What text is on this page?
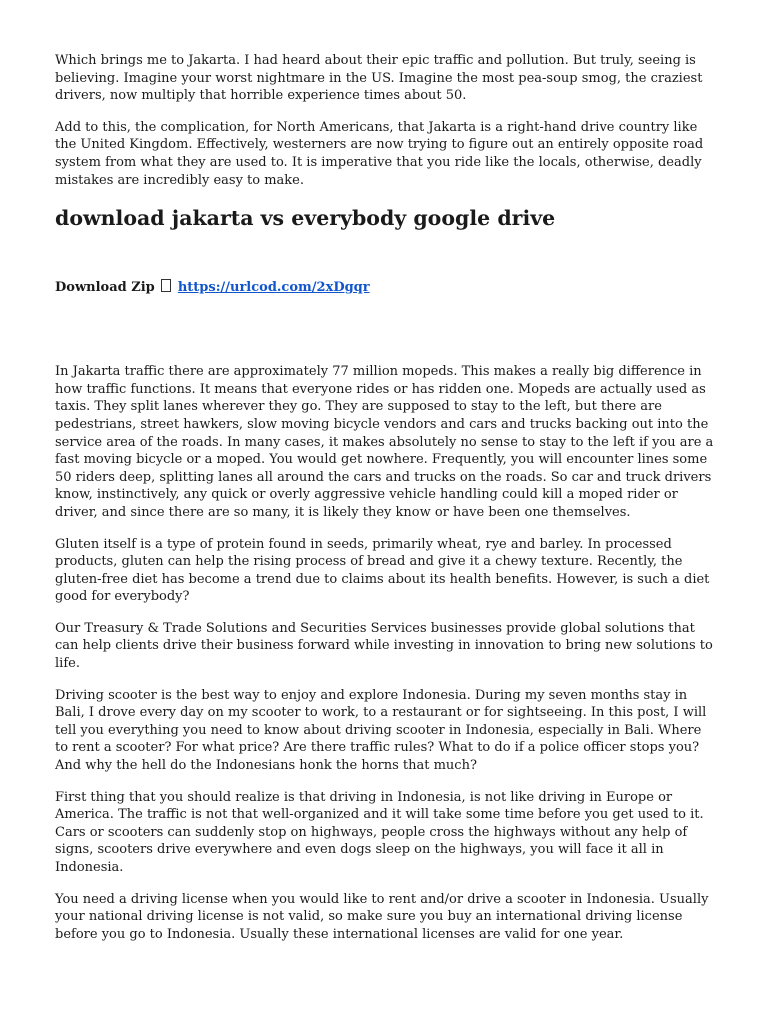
Which brings me to Jakarta. I had heard about their epic traffic and pollution. But truly, seeing is believing. Imagine your worst nightmare in the US. Imagine the most pea-soup smog, the craziest drivers, now multiply that horrible experience times about 50.

Add to this, the complication, for North Americans, that Jakarta is a right-hand drive country like the United Kingdom. Effectively, westerners are now trying to figure out an entirely opposite road system from what they are used to. It is imperative that you ride like the locals, otherwise, deadly mistakes are incredibly easy to make.

download jakarta vs everybody google drive
Download Zip https://urlcod.com/2xDgqr

In Jakarta traffic there are approximately 77 million mopeds. This makes a really big difference in how traffic functions. It means that everyone rides or has ridden one. Mopeds are actually used as taxis. They split lanes wherever they go. They are supposed to stay to the left, but there are pedestrians, street hawkers, slow moving bicycle vendors and cars and trucks backing out into the service area of the roads. In many cases, it makes absolutely no sense to stay to the left if you are a fast moving bicycle or a moped. You would get nowhere. Frequently, you will encounter lines some 50 riders deep, splitting lanes all around the cars and trucks on the roads. So car and truck drivers know, instinctively, any quick or overly aggressive vehicle handling could kill a moped rider or driver, and since there are so many, it is likely they know or have been one themselves.

Gluten itself is a type of protein found in seeds, primarily wheat, rye and barley. In processed products, gluten can help the rising process of bread and give it a chewy texture. Recently, the gluten-free diet has become a trend due to claims about its health benefits. However, is such a diet good for everybody?

Our Treasury & Trade Solutions and Securities Services businesses provide global solutions that can help clients drive their business forward while investing in innovation to bring new solutions to life.

Driving scooter is the best way to enjoy and explore Indonesia. During my seven months stay in Bali, I drove every day on my scooter to work, to a restaurant or for sightseeing. In this post, I will tell you everything you need to know about driving scooter in Indonesia, especially in Bali. Where to rent a scooter? For what price? Are there traffic rules? What to do if a police officer stops you? And why the hell do the Indonesians honk the horns that much?

First thing that you should realize is that driving in Indonesia, is not like driving in Europe or America. The traffic is not that well-organized and it will take some time before you get used to it. Cars or scooters can suddenly stop on highways, people cross the highways without any help of signs, scooters drive everywhere and even dogs sleep on the highways, you will face it all in Indonesia.

You need a driving license when you would like to rent and/or drive a scooter in Indonesia. Usually your national driving license is not valid, so make sure you buy an international driving license before you go to Indonesia. Usually these international licenses are valid for one year.
